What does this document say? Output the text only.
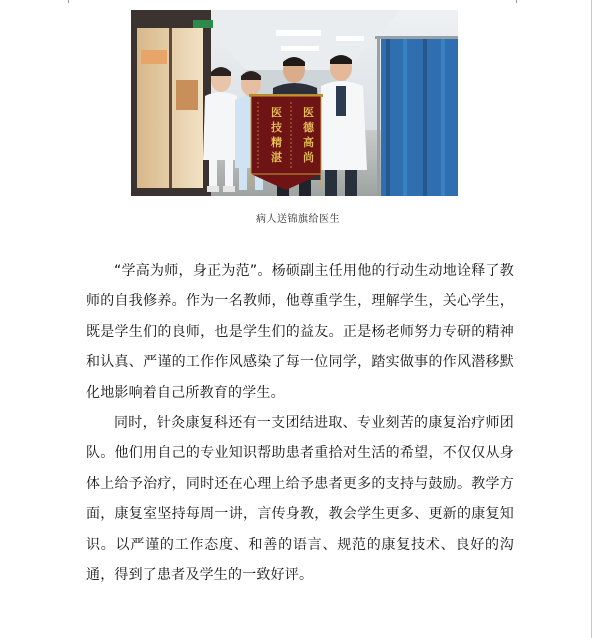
医
德
高
尚
医
技
精
湛
病人送锦旗给医生

“学高为师，身正为范”。杨硕副主任用他的行动生动地诠释了教师的自我修养。作为一名教师，他尊重学生，理解学生，关心学生，既是学生们的良师，也是学生们的益友。正是杨老师努力专研的精神和认真、严谨的工作作风感染了每一位同学，踏实做事的作风潜移默化地影响着自己所教育的学生。

同时，针灸康复科还有一支团结进取、专业刻苦的康复治疗师团队。他们用自己的专业知识帮助患者重拾对生活的希望，不仅仅从身体上给予治疗，同时还在心理上给予患者更多的支持与鼓励。教学方面，康复室坚持每周一讲，言传身教，教会学生更多、更新的康复知识。以严谨的工作态度、和善的语言、规范的康复技术、良好的沟通，得到了患者及学生的一致好评。
